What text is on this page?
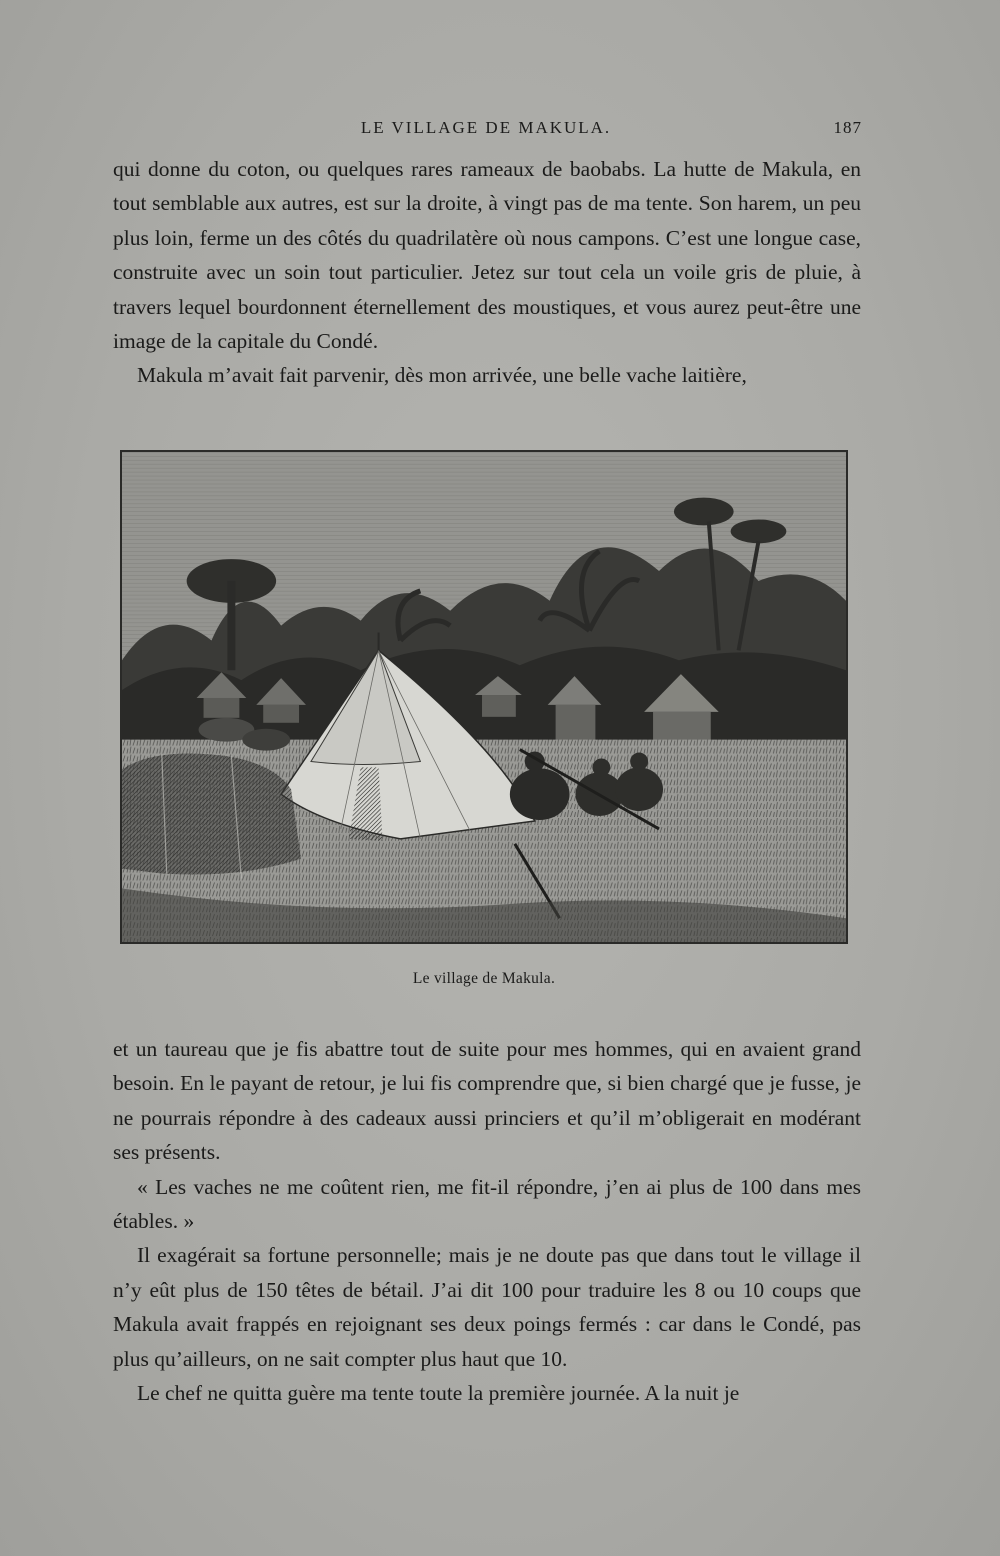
LE VILLAGE DE MAKULA.	187

qui donne du coton, ou quelques rares rameaux de baobabs. La hutte de Makula, en tout semblable aux autres, est sur la droite, à vingt pas de ma tente. Son harem, un peu plus loin, ferme un des côtés du quadrilatère où nous campons. C’est une longue case, construite avec un soin tout particulier. Jetez sur tout cela un voile gris de pluie, à travers lequel bourdonnent éternellement des moustiques, et vous aurez peut-être une image de la capitale du Condé.

Makula m’avait fait parvenir, dès mon arrivée, une belle vache laitière,

Le village de Makula.

et un taureau que je fis abattre tout de suite pour mes hommes, qui en avaient grand besoin. En le payant de retour, je lui fis comprendre que, si bien chargé que je fusse, je ne pourrais répondre à des cadeaux aussi princiers et qu’il m’obligerait en modérant ses présents.

« Les vaches ne me coûtent rien, me fit-il répondre, j’en ai plus de 100 dans mes étables. »

Il exagérait sa fortune personnelle; mais je ne doute pas que dans tout le village il n’y eût plus de 150 têtes de bétail. J’ai dit 100 pour traduire les 8 ou 10 coups que Makula avait frappés en rejoignant ses deux poings fermés : car dans le Condé, pas plus qu’ailleurs, on ne sait compter plus haut que 10.

Le chef ne quitta guère ma tente toute la première journée. A la nuit je
